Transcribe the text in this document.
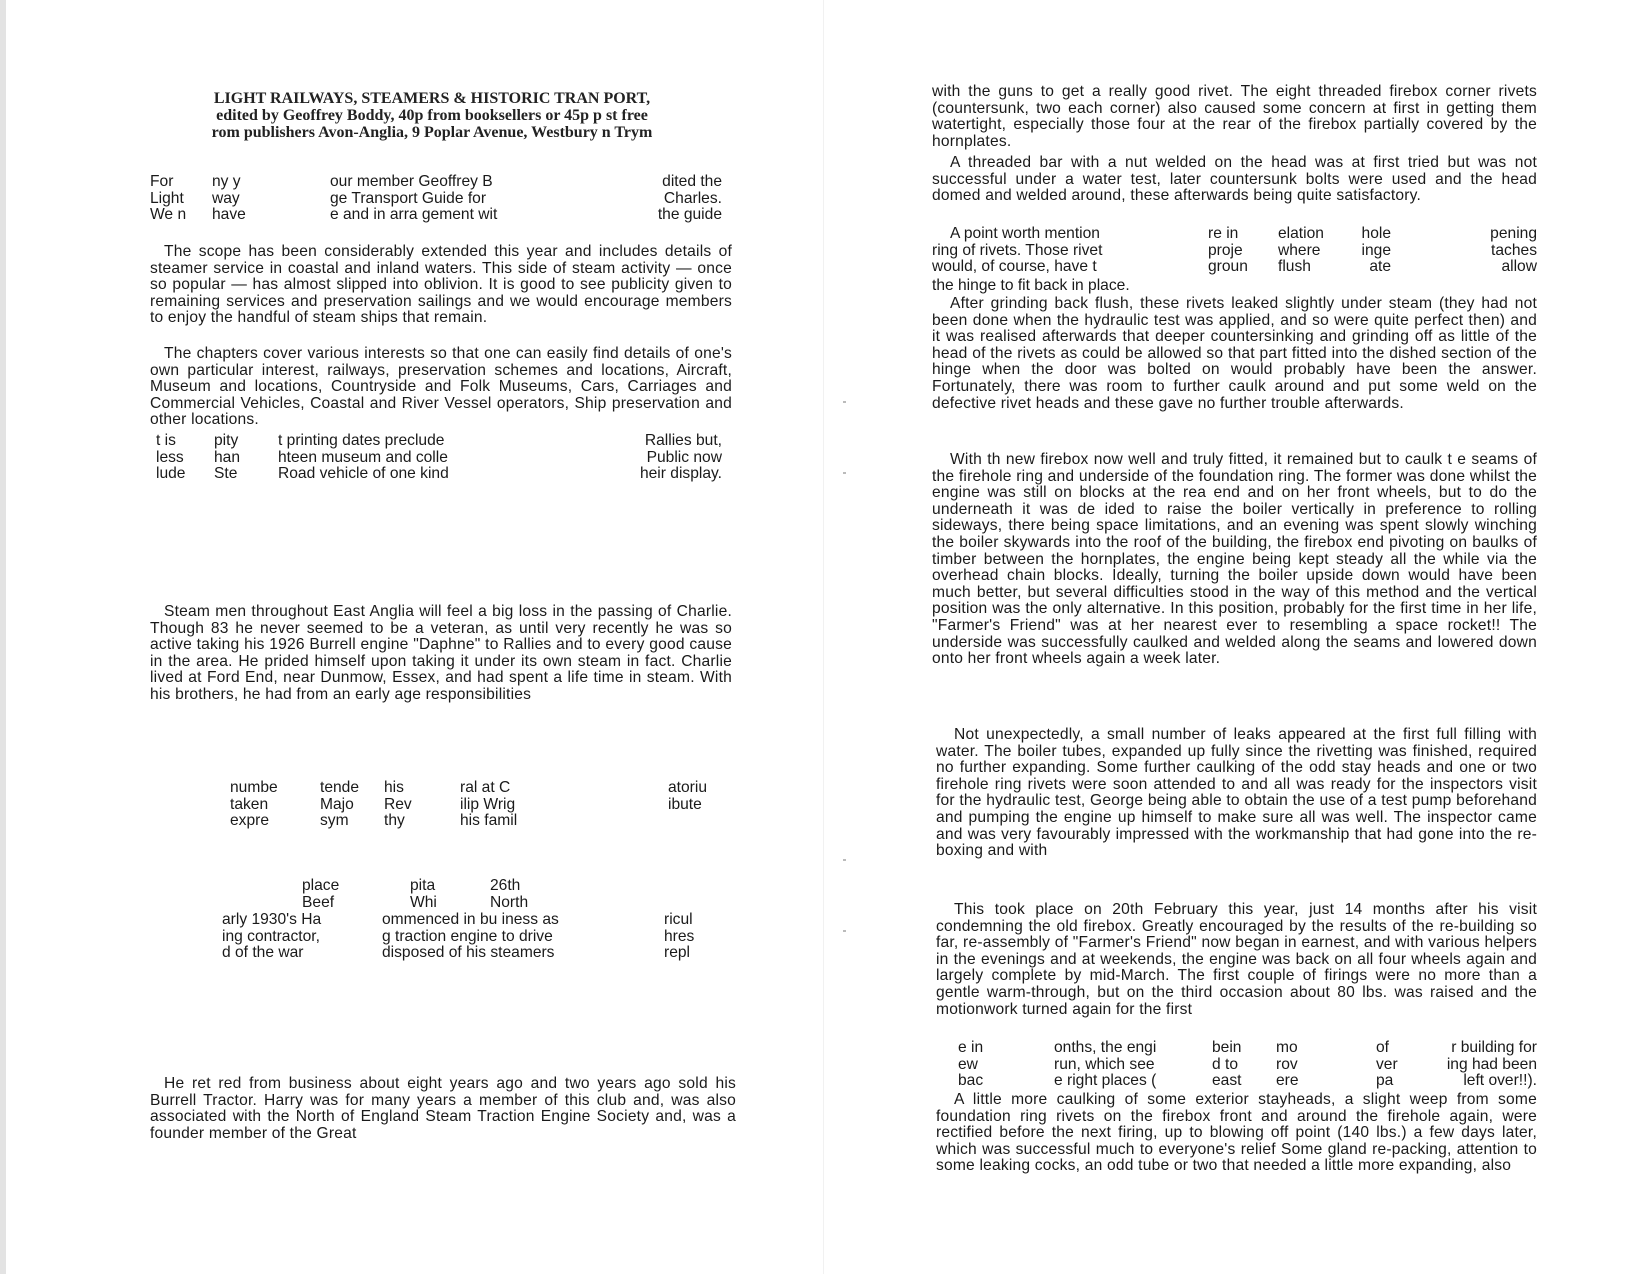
LIGHT RAILWAYS, STEAMERS & HISTORIC TRAN PORT,
edited by Geoffrey Boddy, 40p from booksellers or 45p p st free
rom publishers Avon-Anglia, 9 Poplar Avenue, Westbury n Trym
For
Light
We n
ny y
way
have
our member Geoffrey B
ge Transport Guide for
e and in arra gement wit
dited the
Charles.
the guide

The scope has been considerably extended this year and includes details of steamer service in coastal and inland waters. This side of steam activity — once so popular — has almost slipped into oblivion. It is good to see publicity given to remaining services and preservation sailings and we would encourage members to enjoy the handful of steam ships that remain.

The chapters cover various interests so that one can easily find details of one's own particular interest, railways, preservation schemes and locations, Aircraft, Museum and locations, Countryside and Folk Museums, Cars, Carriages and Commercial Vehicles, Coastal and River Vessel operators, Ship preservation and other locations.

t is
less
lude
pity
han
Ste
t printing dates preclude
hteen museum and colle
Road vehicle of one kind
Rallies but,
Public now
heir display.

Steam men throughout East Anglia will feel a big loss in the passing of Charlie. Though 83 he never seemed to be a veteran, as until very recently he was so active taking his 1926 Burrell engine "Daphne" to Rallies and to every good cause in the area. He prided himself upon taking it under its own steam in fact. Charlie lived at Ford End, near Dunmow, Essex, and had spent a life time in steam. With his brothers, he had from an early age responsibilities

numbe
taken
expre
tende
Majo
sym
his
Rev
thy
ral at C
ilip Wrig
his famil
atoriu
ibute
place
Beef
pita
Whi
26th
North
arly 1930's Ha
ing contractor,
d of the war
ommenced in bu iness as
g traction engine to drive
disposed of his steamers
ricul
hres
repl

He ret red from business about eight years ago and two years ago sold his Burrell Tractor. Harry was for many years a member of this club and, was also associated with the North of England Steam Traction Engine Society and, was a founder member of the Great

with the guns to get a really good rivet. The eight threaded firebox corner rivets (countersunk, two each corner) also caused some concern at first in getting them watertight, especially those four at the rear of the firebox partially covered by the hornplates.

A threaded bar with a nut welded on the head was at first tried but was not successful under a water test, later countersunk bolts were used and the head domed and welded around, these afterwards being quite satisfactory.

A point worth mention
ring of rivets. Those rivet
would, of course, have t
re in
proje
groun
elation
where
flush
hole
inge
ate
pening
taches
allow
the hinge to fit back in place.

After grinding back flush, these rivets leaked slightly under steam (they had not been done when the hydraulic test was applied, and so were quite perfect then) and it was realised afterwards that deeper countersinking and grinding off as little of the head of the rivets as could be allowed so that part fitted into the dished section of the hinge when the door was bolted on would probably have been the answer. Fortunately, there was room to further caulk around and put some weld on the defective rivet heads and these gave no further trouble afterwards.

With th new firebox now well and truly fitted, it remained but to caulk t e seams of the firehole ring and underside of the foundation ring. The former was done whilst the engine was still on blocks at the rea end and on her front wheels, but to do the underneath it was de ided to raise the boiler vertically in preference to rolling sideways, there being space limitations, and an evening was spent slowly winching the boiler skywards into the roof of the building, the firebox end pivoting on baulks of timber between the hornplates, the engine being kept steady all the while via the overhead chain blocks. Ideally, turning the boiler upside down would have been much better, but several difficulties stood in the way of this method and the vertical position was the only alternative. In this position, probably for the first time in her life, "Farmer's Friend" was at her nearest ever to resembling a space rocket!! The underside was successfully caulked and welded along the seams and lowered down onto her front wheels again a week later.

Not unexpectedly, a small number of leaks appeared at the first full filling with water. The boiler tubes, expanded up fully since the rivetting was finished, required no further expanding. Some further caulking of the odd stay heads and one or two firehole ring rivets were soon attended to and all was ready for the inspectors visit for the hydraulic test, George being able to obtain the use of a test pump beforehand and pumping the engine up himself to make sure all was well. The inspector came and was very favourably impressed with the workmanship that had gone into the re-boxing and with

This took place on 20th February this year, just 14 months after his visit condemning the old firebox. Greatly encouraged by the results of the re-building so far, re-assembly of "Farmer's Friend" now began in earnest, and with various helpers in the evenings and at weekends, the engine was back on all four wheels again and largely complete by mid-March. The first couple of firings were no more than a gentle warm-through, but on the third occasion about 80 lbs. was raised and the motionwork turned again for the first

e in
ew
bac
onths, the engi
run, which see
e right places (
bein
d to
east
mo
rov
ere
of
ver
pa
r building for
ing had been
left over!!).

A little more caulking of some exterior stayheads, a slight weep from some foundation ring rivets on the firebox front and around the firehole again, were rectified before the next firing, up to blowing off point (140 lbs.) a few days later, which was successful much to everyone's relief Some gland re-packing, attention to some leaking cocks, an odd tube or two that needed a little more expanding, also
